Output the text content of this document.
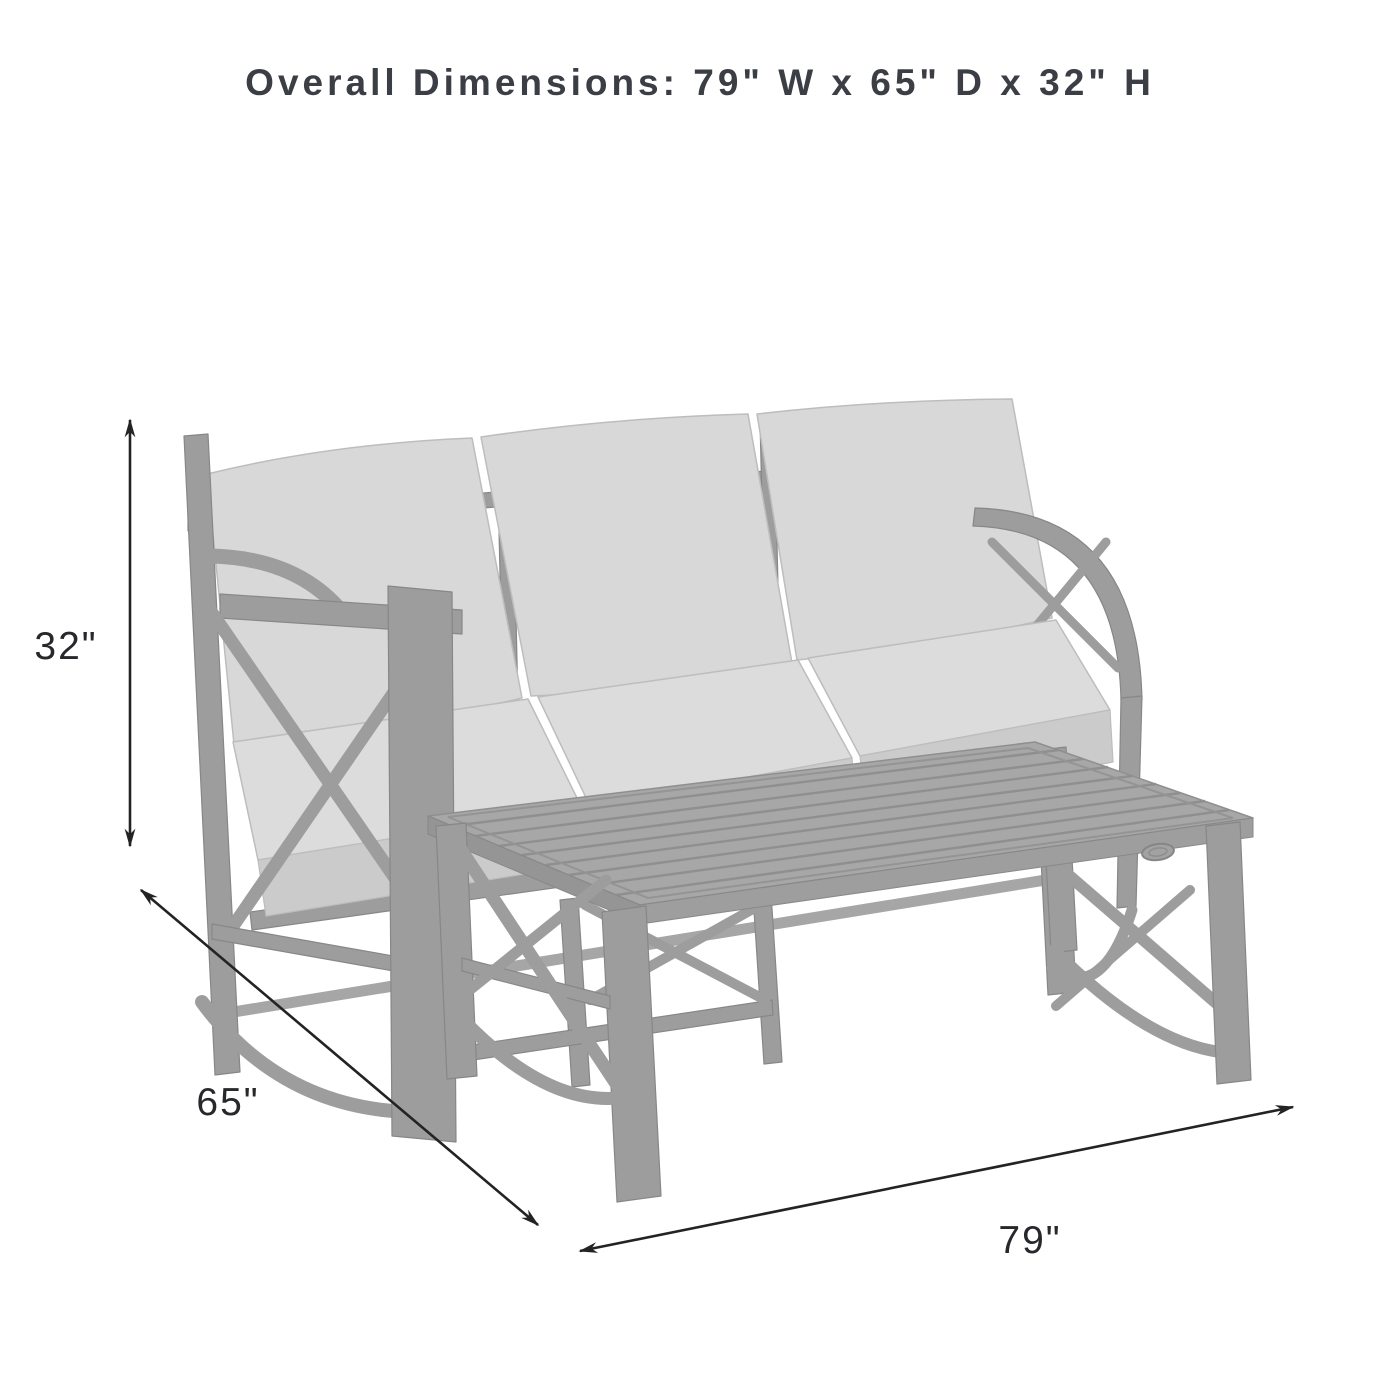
Overall Dimensions: 79" W x 65" D x 32" H
32"
65"
79"
